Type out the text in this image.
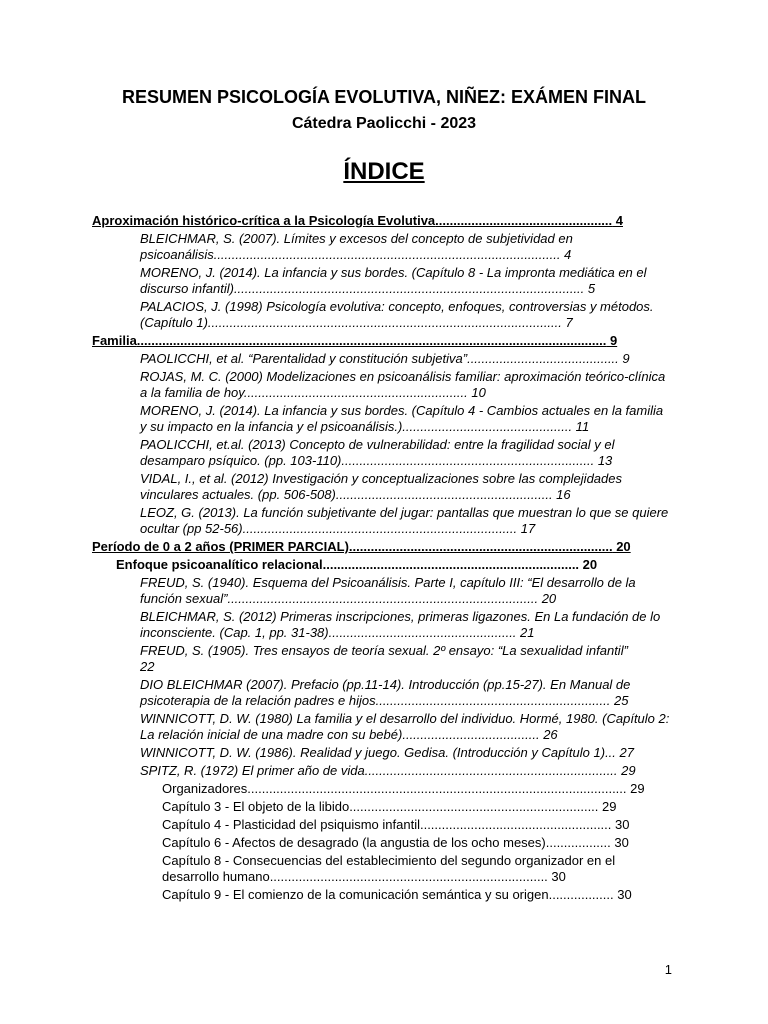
RESUMEN PSICOLOGÍA EVOLUTIVA, NIÑEZ: EXÁMEN FINAL
Cátedra Paolicchi - 2023
ÍNDICE
Aproximación histórico-crítica a la Psicología Evolutiva................................................. 4
BLEICHMAR, S. (2007). Límites y excesos del concepto de subjetividad en psicoanálisis................................................................................................ 4
MORENO, J. (2014). La infancia y sus bordes. (Capítulo 8 - La impronta mediática en el discurso infantil)................................................................................................. 5
PALACIOS, J. (1998) Psicología evolutiva: concepto, enfoques, controversias y métodos. (Capítulo 1).................................................................................................. 7
Familia.................................................................................................................................. 9
PAOLICCHI, et al. “Parentalidad y constitución subjetiva”.......................................... 9
ROJAS, M. C. (2000) Modelizaciones en psicoanálisis familiar: aproximación teórico-clínica a la familia de hoy.............................................................. 10
MORENO, J. (2014). La infancia y sus bordes. (Capítulo 4 - Cambios actuales en la familia y su impacto en la infancia y el psicoanálisis.)............................................... 11
PAOLICCHI, et.al. (2013) Concepto de vulnerabilidad: entre la fragilidad social y el desamparo psíquico. (pp. 103-110)...................................................................... 13
VIDAL, I., et al. (2012) Investigación y conceptualizaciones sobre las complejidades vinculares actuales. (pp. 506-508)............................................................ 16
LEOZ, G. (2013). La función subjetivante del jugar: pantallas que muestran lo que se quiere ocultar (pp 52-56)............................................................................ 17
Período de 0 a 2 años (PRIMER PARCIAL)......................................................................... 20
Enfoque psicoanalítico relacional....................................................................... 20
FREUD, S. (1940). Esquema del Psicoanálisis. Parte I, capítulo III: “El desarrollo de la función sexual”...................................................................................... 20
BLEICHMAR, S. (2012) Primeras inscripciones, primeras ligazones. En La fundación de lo inconsciente. (Cap. 1, pp. 31-38).................................................... 21
FREUD, S. (1905). Tres ensayos de teoría sexual. 2º ensayo: “La sexualidad infantil”
22
DIO BLEICHMAR (2007). Prefacio (pp.11-14). Introducción (pp.15-27). En Manual de psicoterapia de la relación padres e hijos................................................................. 25
WINNICOTT, D. W. (1980) La familia y el desarrollo del individuo. Hormé, 1980. (Capítulo 2: La relación inicial de una madre con su bebé)...................................... 26
WINNICOTT, D. W. (1986). Realidad y juego. Gedisa. (Introducción y Capítulo 1)... 27
SPITZ, R. (1972) El primer año de vida...................................................................... 29
Organizadores......................................................................................................... 29
Capítulo 3 - El objeto de la libido..................................................................... 29
Capítulo 4 - Plasticidad del psiquismo infantil..................................................... 30
Capítulo 6 - Afectos de desagrado (la angustia de los ocho meses).................. 30
Capítulo 8 - Consecuencias del establecimiento del segundo organizador en el desarrollo humano............................................................................. 30
Capítulo 9 - El comienzo de la comunicación semántica y su origen.................. 30
1
